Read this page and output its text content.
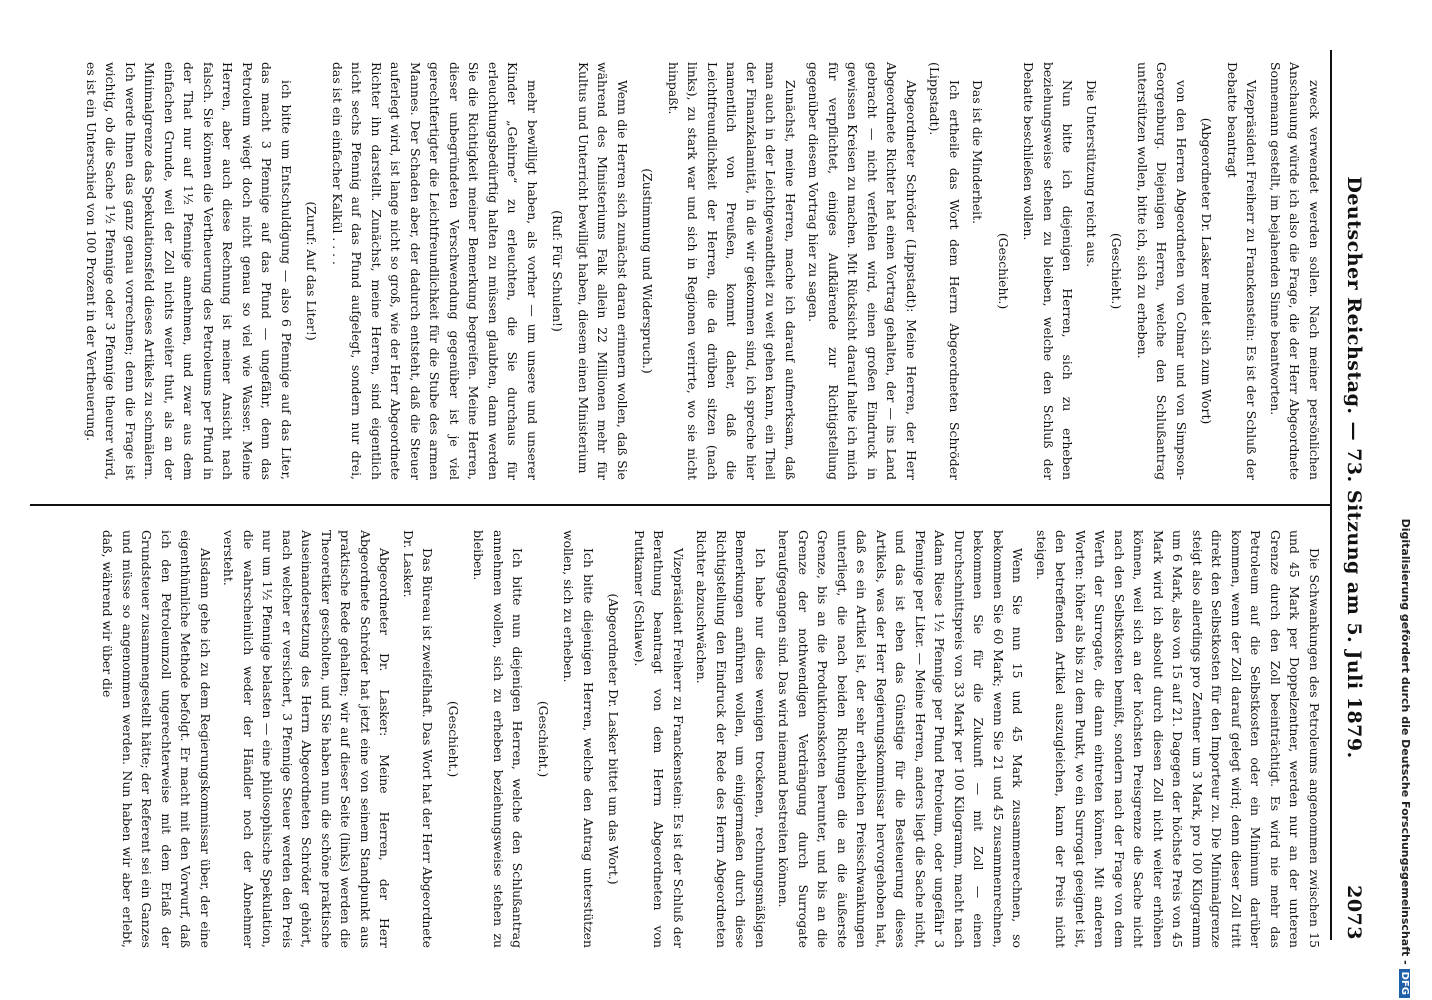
Deutscher Reichstag. — 73. Sitzung am 5. Juli 1879.
2073

zweck verwendet werden sollen. Nach meiner persönlichen Anschauung würde ich also die Frage, die der Herr Abgeordnete Sonnemann gestellt, im bejahenden Sinne beantworten.

Vizepräsident Freiherr zu Franckenstein: Es ist der Schluß der Debatte beantragt

(Abgeordneter Dr. Lasker meldet sich zum Wort)

von den Herren Abgeordneten von Colmar und von Simpson-Georgenburg. Diejenigen Herren, welche den Schlußantrag unterstützen wollen, bitte ich, sich zu erheben.

(Geschieht.)

Die Unterstützung reicht aus.

Nun bitte ich diejenigen Herren, sich zu erheben beziehungsweise stehen zu bleiben, welche den Schluß der Debatte beschließen wollen.

(Geschieht.)

Das ist die Minderheit.

Ich ertheile das Wort dem Herrn Abgeordneten Schröder (Lippstadt).

Abgeordneter Schröder (Lippstadt): Meine Herren, der Herr Abgeordnete Richter hat einen Vortrag gehalten, der — ins Land gebracht — nicht verfehlen wird, einen großen Eindruck in gewissen Kreisen zu machen. Mit Rücksicht darauf halte ich mich für verpflichtet, einiges Aufklärende zur Richtigstellung gegenüber diesem Vortrag hier zu sagen.

Zunächst, meine Herren, mache ich darauf aufmerksam, daß man auch in der Leichtgewandtheit zu weit gehen kann, ein Theil der Finanzkalamität, in die wir gekommen sind, ich spreche hier namentlich von Preußen, kommt daher, daß die Leichtfreundlichkeit der Herren, die da drüben sitzen (nach links), zu stark war und sich in Regionen verirrte, wo sie nicht hinpaßt.

(Zustimmung und Widerspruch.)

Wenn die Herren sich zunächst daran erinnern wollen, daß Sie während des Ministeriums Falk allein 22 Millionen mehr für Kultus und Unterricht bewilligt haben, diesem einen Ministerium

(Ruf: Für Schulen!)

mehr bewilligt haben, als vorher — um unsere und unserer Kinder „Gehirne“ zu erleuchten, die Sie durchaus für erleuchtungsbedürftig halten zu müssen glaubten, dann werden Sie die Richtigkeit meiner Bemerkung begreifen. Meine Herren, dieser unbegründeten Verschwendung gegenüber ist je viel gerechtfertigter die Leichtfreundlichkeit für die Stube des armen Mannes. Der Schaden aber, der dadurch entsteht, daß die Steuer auferlegt wird, ist lange nicht so groß, wie der Herr Abgeordnete Richter ihn darstellt. Zunächst, meine Herren, sind eigentlich nicht sechs Pfennig auf das Pfund aufgelegt, sondern nur drei, das ist ein einfacher Kalkül . . . .

(Zuruf: Auf das Liter!)

ich bitte um Entschuldigung — also 6 Pfennige auf das Liter, das macht 3 Pfennige auf das Pfund — ungefähr, denn das Petroleum wiegt doch nicht genau so viel wie Wasser. Meine Herren, aber auch diese Rechnung ist meiner Ansicht nach falsch. Sie können die Vertheuerung des Petroleums per Pfund in der That nur auf 1½ Pfennige annehmen, und zwar aus dem einfachen Grunde, weil der Zoll nichts weiter thut, als an der Minimalgrenze das Spekulationsfeld dieses Artikels zu schmälern. Ich werde Ihnen das ganz genau vorrechnen; denn die Frage ist wichtig, ob die Sache 1½ Pfennige oder 3 Pfennige theurer wird, es ist ein Unterschied von 100 Prozent in der Vertheuerung.

Die Schwankungen des Petroleums angenommen zwischen 15 und 45 Mark per Doppelzentner, werden nur an der unteren Grenze durch den Zoll beeinträchtigt. Es wird nie mehr das Petroleum auf die Selbstkosten oder ein Minimum darüber kommen, wenn der Zoll darauf gelegt wird; denn dieser Zoll tritt direkt den Selbstkosten für den Importeur zu. Die Minimalgrenze steigt also allerdings pro Zentner um 3 Mark, pro 100 Kilogramm um 6 Mark, also von 15 auf 21. Dagegen der höchste Preis von 45 Mark wird ich absolut durch diesen Zoll nicht weiter erhöhen können, weil sich an der höchsten Preisgrenze die Sache nicht nach den Selbstkosten bemißt, sondern nach der Frage von dem Werth der Surrogate, die dann eintreten können. Mit anderen Worten: höher als bis zu dem Punkt, wo ein Surrogat geeignet ist, den betreffenden Artikel auszugleichen, kann der Preis nicht steigen.

Wenn Sie nun 15 und 45 Mark zusammenrechnen, so bekommen Sie 60 Mark; wenn Sie 21 und 45 zusammenrechnen, bekommen Sie für die Zukunft — mit Zoll — einen Durchschnittspreis von 33 Mark per 100 Kilogramm, macht nach Adam Riese 1½ Pfennige per Pfund Petroleum, oder ungefähr 3 Pfennige per Liter. — Meine Herren, anders liegt die Sache nicht, und das ist eben das Günstige für die Besteuerung dieses Artikels, was der Herr Regierungskommissar hervorgehoben hat, daß es ein Artikel ist, der sehr erheblichen Preisschwankungen unterliegt, die nach beiden Richtungen die an die äußerste Grenze, bis an die Produktionskosten herunter, und bis an die Grenze der nothwendigen Verdrängung durch Surrogate heraufgegangen sind. Das wird niemand bestreiten können.

Ich habe nur diese wenigen trockenen, rechnungsmäßigen Bemerkungen anführen wollen, um einigermaßen durch diese Richtigstellung den Eindruck der Rede des Herrn Abgeordneten Richter abzuschwächen.

Vizepräsident Freiherr zu Franckenstein: Es ist der Schluß der Berathung beantragt von dem Herrn Abgeordneten von Puttkamer (Schlawe).

(Abgeordneter Dr. Lasker bittet um das Wort.)

Ich bitte diejenigen Herren, welche den Antrag unterstützen wollen, sich zu erheben.

(Geschieht.)

Ich bitte nun diejenigen Herren, welche den Schlußantrag annehmen wollen, sich zu erheben beziehungsweise stehen zu bleiben.

(Geschieht.)

Das Büreau ist zweifelhaft. Das Wort hat der Herr Abgeordnete Dr. Lasker.

Abgeordneter Dr. Lasker: Meine Herren, der Herr Abgeordnete Schröder hat jetzt eine von seinem Standpunkt aus praktische Rede gehalten; wir auf dieser Seite (links) werden die Theoretiker gescholten, und Sie haben nun die schöne praktische Auseinandersetzung des Herrn Abgeordneten Schröder gehört, nach welcher er versichert, 3 Pfennige Steuer werden den Preis nur um 1½ Pfennige belasten — eine philosophische Spekulation, die wahrscheinlich weder der Händler noch der Abnehmer versteht.

Alsdann gehe ich zu dem Regierungskommissar über, der eine eigenthümliche Methode befolgt. Er macht mit den Vorwurf, daß ich den Petroleumzoll ungerechterweise mit dem Erlaß der Grundsteuer zusammengestellt hätte; der Referent sei ein Ganzes und müsse so angenommen werden. Nun haben wir aber erlebt, daß, während wir über die	Digitalisierung gefördert durch die Deutsche Forschungsgemeinschaft -DFG
